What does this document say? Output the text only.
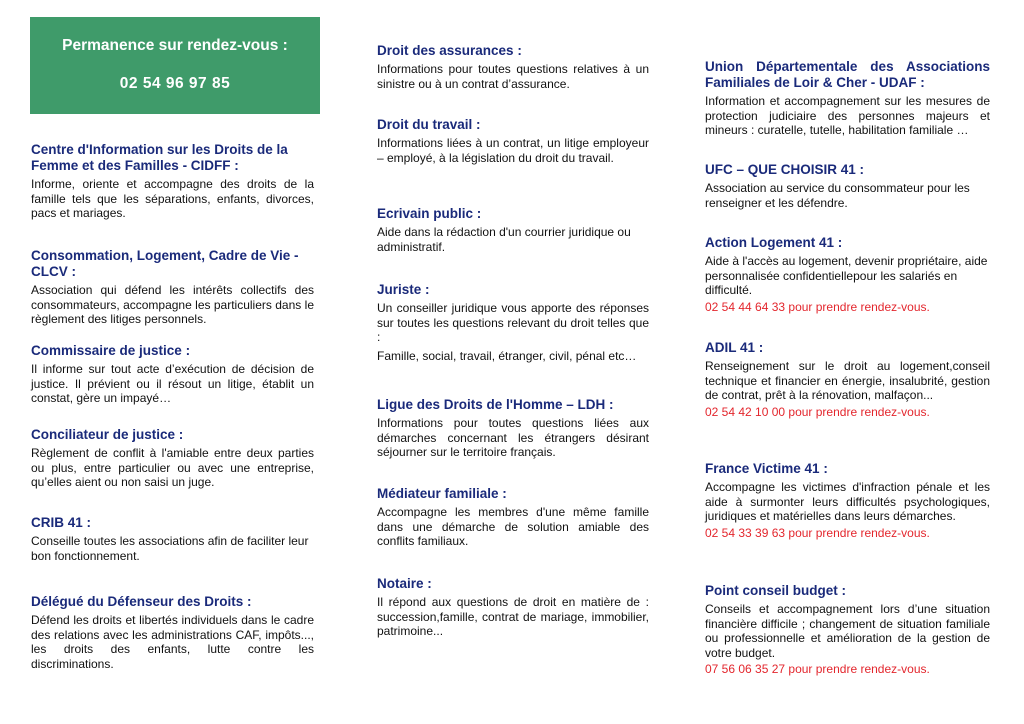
Permanence sur rendez-vous :
02 54 96 97 85
Centre d'Information sur les Droits de la Femme et des Familles - CIDFF :
Informe, oriente et accompagne des droits de la famille tels que les séparations, enfants, divorces, pacs et mariages.
Consommation, Logement, Cadre de Vie - CLCV :
Association qui défend les intérêts collectifs des consommateurs, accompagne les particuliers dans le règlement des litiges personnels.
Commissaire de justice :
Il informe sur tout acte d’exécution de décision de justice. Il prévient ou il résout un litige, établit un constat, gère un impayé…
Conciliateur de justice :
Règlement de conflit à l'amiable entre deux parties ou plus, entre particulier ou avec une entreprise, qu’elles aient ou non saisi un juge.
CRIB 41 :
Conseille toutes les associations afin de faciliter leur bon fonctionnement.
Délégué du Défenseur des Droits :
Défend les droits et libertés individuels dans le cadre des relations avec les administrations CAF, impôts..., les droits des enfants, lutte contre les discriminations.
Droit des assurances :
Informations pour toutes questions relatives à un sinistre ou à un contrat d’assurance.
Droit du travail :
Informations liées à un contrat, un litige employeur – employé, à la législation du droit du travail.
Ecrivain public :
Aide dans la rédaction d'un courrier juridique ou administratif.
Juriste :
Un conseiller juridique vous apporte des réponses sur toutes les questions relevant du droit telles que :
Famille, social, travail, étranger, civil, pénal etc…
Ligue des Droits de l'Homme – LDH :
Informations pour toutes questions liées aux démarches concernant les étrangers désirant séjourner sur le territoire français.
Médiateur familiale :
Accompagne les membres d'une même famille dans une démarche de solution amiable des conflits familiaux.
Notaire :
Il répond aux questions de droit en matière de : succession,famille, contrat de mariage, immobilier, patrimoine...
Union Départementale des Associations Familiales de Loir & Cher - UDAF :
Information et accompagnement sur les mesures de protection judiciaire des personnes majeurs et mineurs : curatelle, tutelle, habilitation familiale …
UFC – QUE CHOISIR 41 :
Association au service du consommateur pour les renseigner et les défendre.
Action Logement 41 :
Aide à l'accès au logement, devenir propriétaire, aide personnalisée confidentiellepour les salariés en difficulté.
02 54 44 64 33 pour prendre rendez-vous.
ADIL 41 :
Renseignement sur le droit au logement,conseil technique et financier en énergie, insalubrité, gestion de contrat, prêt à la rénovation, malfaçon...
02 54 42 10 00 pour prendre rendez-vous.
France Victime 41 :
Accompagne les victimes d'infraction pénale et les aide à surmonter leurs difficultés psychologiques, juridiques et matérielles dans leurs démarches.
02 54 33 39 63 pour prendre rendez-vous.
Point conseil budget :
Conseils et accompagnement lors d’une situation financière difficile ; changement de situation familiale ou professionnelle et amélioration de la gestion de votre budget.
07 56 06 35 27 pour prendre rendez-vous.
